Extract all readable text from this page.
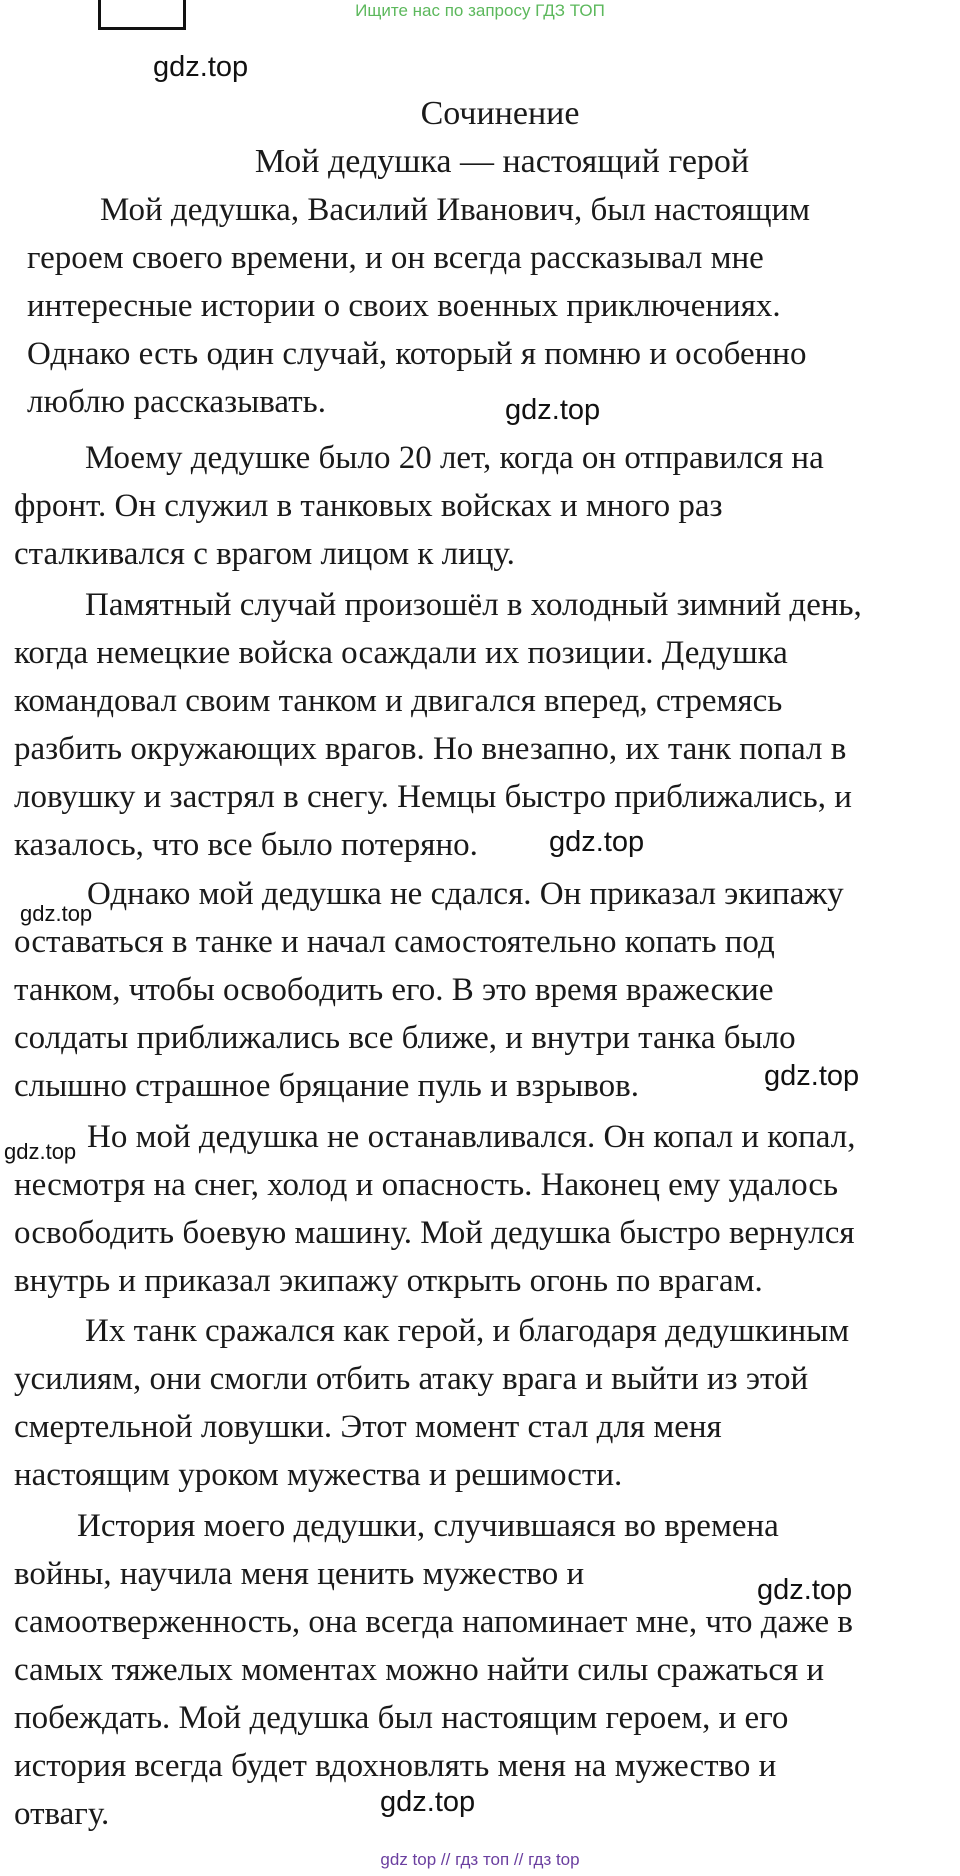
Ищите нас по запросу ГДЗ ТОП
Сочинение
Мой дедушка — настоящий герой
Мой дедушка, Василий Иванович, был настоящим
героем своего времени, и он всегда рассказывал мне
интересные истории о своих военных приключениях.
Однако есть один случай, который я помню и особенно
люблю рассказывать.
Моему дедушке было 20 лет, когда он отправился на
фронт. Он служил в танковых войсках и много раз
сталкивался с врагом лицом к лицу.
Памятный случай произошёл в холодный зимний день,
когда немецкие войска осаждали их позиции. Дедушка
командовал своим танком и двигался вперед, стремясь
разбить окружающих врагов. Но внезапно, их танк попал в
ловушку и застрял в снегу. Немцы быстро приближались, и
казалось, что все было потеряно.
Однако мой дедушка не сдался. Он приказал экипажу
оставаться в танке и начал самостоятельно копать под
танком, чтобы освободить его. В это время вражеские
солдаты приближались все ближе, и внутри танка было
слышно страшное бряцание пуль и взрывов.
Но мой дедушка не останавливался. Он копал и копал,
несмотря на снег, холод и опасность. Наконец ему удалось
освободить боевую машину. Мой дедушка быстро вернулся
внутрь и приказал экипажу открыть огонь по врагам.
Их танк сражался как герой, и благодаря дедушкиным
усилиям, они смогли отбить атаку врага и выйти из этой
смертельной ловушки. Этот момент стал для меня
настоящим уроком мужества и решимости.
История моего дедушки, случившаяся во времена
войны, научила меня ценить мужество и
самоотверженность, она всегда напоминает мне, что даже в
самых тяжелых моментах можно найти силы сражаться и
побеждать. Мой дедушка был настоящим героем, и его
история всегда будет вдохновлять меня на мужество и
отвагу.
gdz.top
gdz.top
gdz.top
gdz.top
gdz.top
gdz.top
gdz.top
gdz.top
gdz top // гдз топ // гдз top
